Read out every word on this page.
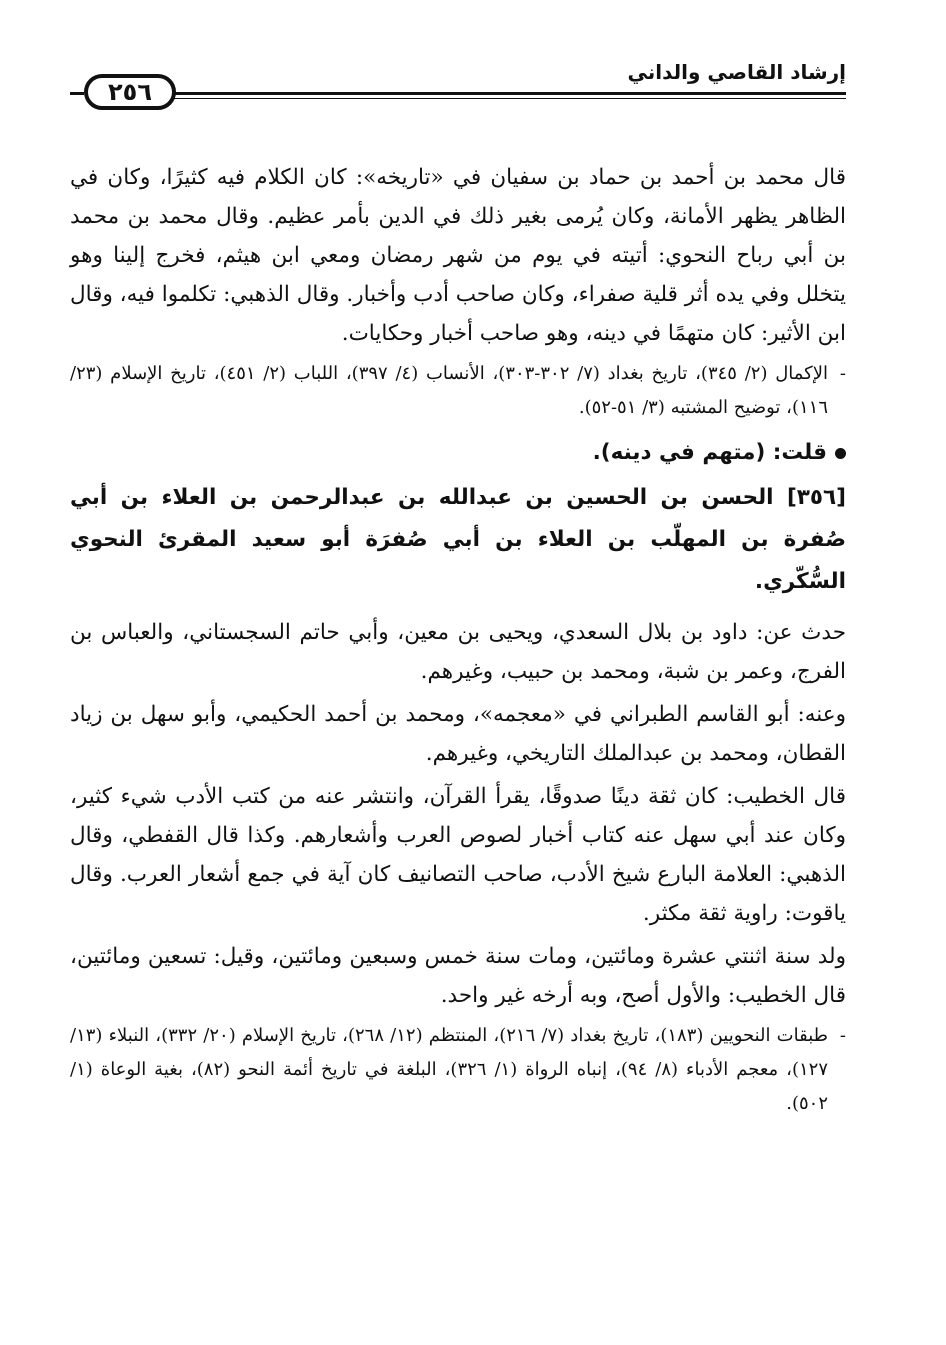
إرشاد القاصي والداني
٢٥٦

قال محمد بن أحمد بن حماد بن سفيان في «تاريخه»: كان الكلام فيه كثيرًا، وكان في الظاهر يظهر الأمانة، وكان يُرمى بغير ذلك في الدين بأمر عظيم. وقال محمد بن محمد بن أبي رباح النحوي: أتيته في يوم من شهر رمضان ومعي ابن هيثم، فخرج إلينا وهو يتخلل وفي يده أثر قلية صفراء، وكان صاحب أدب وأخبار. وقال الذهبي: تكلموا فيه، وقال ابن الأثير: كان متهمًا في دينه، وهو صاحب أخبار وحكايات.

-
الإكمال (٢/ ٣٤٥)، تاريخ بغداد (٧/ ٣٠٢-٣٠٣)، الأنساب (٤/ ٣٩٧)، اللباب (٢/ ٤٥١)، تاريخ الإسلام (٢٣/ ١١٦)، توضيح المشتبه (٣/ ٥١-٥٢).

قلت: (متهم في دينه).

[٣٥٦] الحسن بن الحسين بن عبدالله بن عبدالرحمن بن العلاء بن أبي صُفرة بن المهلّب بن العلاء بن أبي صُفرَة أبو سعيد المقرئ النحوي السُّكّري.

حدث عن: داود بن بلال السعدي، ويحيى بن معين، وأبي حاتم السجستاني، والعباس بن الفرج، وعمر بن شبة، ومحمد بن حبيب، وغيرهم.

وعنه: أبو القاسم الطبراني في «معجمه»، ومحمد بن أحمد الحكيمي، وأبو سهل بن زياد القطان، ومحمد بن عبدالملك التاريخي، وغيرهم.

قال الخطيب: كان ثقة دينًا صدوقًا، يقرأ القرآن، وانتشر عنه من كتب الأدب شيء كثير، وكان عند أبي سهل عنه كتاب أخبار لصوص العرب وأشعارهم. وكذا قال القفطي، وقال الذهبي: العلامة البارع شيخ الأدب، صاحب التصانيف كان آية في جمع أشعار العرب. وقال ياقوت: راوية ثقة مكثر.

ولد سنة اثنتي عشرة ومائتين، ومات سنة خمس وسبعين ومائتين، وقيل: تسعين ومائتين، قال الخطيب: والأول أصح، وبه أرخه غير واحد.

-
طبقات النحويين (١٨٣)، تاريخ بغداد (٧/ ٢١٦)، المنتظم (١٢/ ٢٦٨)، تاريخ الإسلام (٢٠/ ٣٣٢)، النبلاء (١٣/ ١٢٧)، معجم الأدباء (٨/ ٩٤)، إنباه الرواة (١/ ٣٢٦)، البلغة في تاريخ أئمة النحو (٨٢)، بغية الوعاة (١/ ٥٠٢).
